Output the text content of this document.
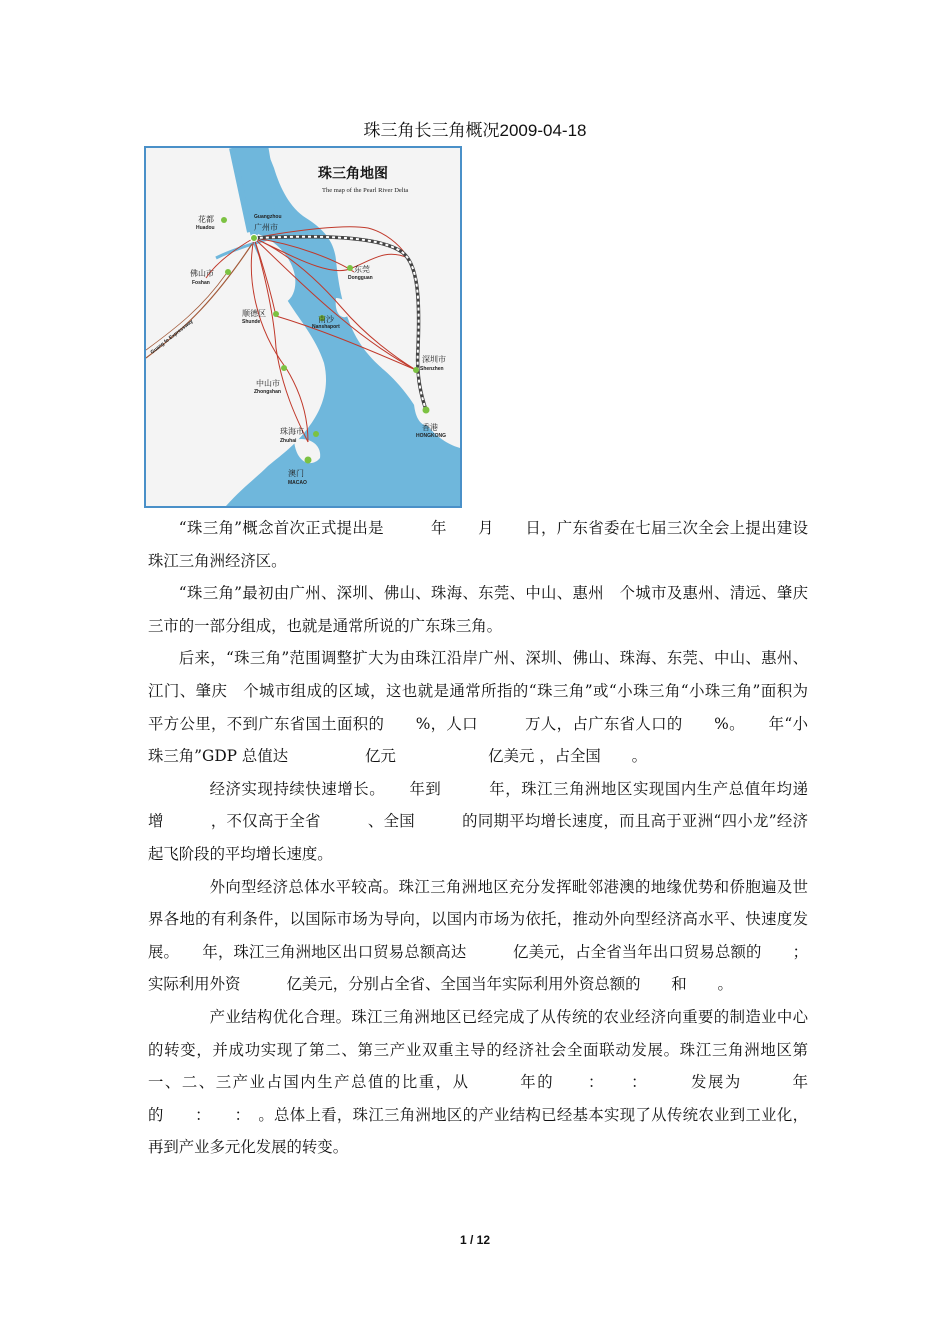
珠三角长三角概况2009-04-18
Guang fo Expressway
珠三角地图
The map of the Pearl River Delta
花都
Huadou
Guangzhou
广州市
佛山市
Foshan
东莞
Dongguan
顺德区
Shunde	南沙
Nanshaport
深圳市
Shenzhen
中山市
Zhongshan
香港
HONGKONG
珠海市
Zhuhai
澳门
MACAO

“珠三角”概念首次正式提出是　　　年　　月　　日，广东省委在七届三次全会上提出建设珠江三角洲经济区。

“珠三角”最初由广州、深圳、佛山、珠海、东莞、中山、惠州　个城市及惠州、清远、肇庆三市的一部分组成，也就是通常所说的广东珠三角。

后来，“珠三角”范围调整扩大为由珠江沿岸广州、深圳、佛山、珠海、东莞、中山、惠州、江门、肇庆　个城市组成的区域，这也就是通常所指的“珠三角”或“小珠三角“小珠三角”面积为　　　平方公里，不到广东省国土面积的　　%，人口　　　万人，占广东省人口的　　%。　　年“小珠三角”GDP 总值达　　　　　亿元　　　　　　亿美元 ，占全国　　。

经济实现持续快速增长。　　年到　　　年，珠江三角洲地区实现国内生产总值年均递增　　　，不仅高于全省　　　、全国　　　的同期平均增长速度，而且高于亚洲“四小龙”经济起飞阶段的平均增长速度。

外向型经济总体水平较高。珠江三角洲地区充分发挥毗邻港澳的地缘优势和侨胞遍及世界各地的有利条件，以国际市场为导向，以国内市场为依托，推动外向型经济高水平、快速度发展。　　年，珠江三角洲地区出口贸易总额高达　　　亿美元，占全省当年出口贸易总额的　　；实际利用外资　　　亿美元，分别占全省、全国当年实际利用外资总额的　　和　　。

产业结构优化合理。珠江三角洲地区已经完成了从传统的农业经济向重要的制造业中心的转变，并成功实现了第二、第三产业双重主导的经济社会全面联动发展。珠江三角洲地区第一、二、三产业占国内生产总值的比重，从　　　年的　　：　　：　　　发展为　　　年的　　：　　：　。总体上看，珠江三角洲地区的产业结构已经基本实现了从传统农业到工业化，再到产业多元化发展的转变。

1 / 12
